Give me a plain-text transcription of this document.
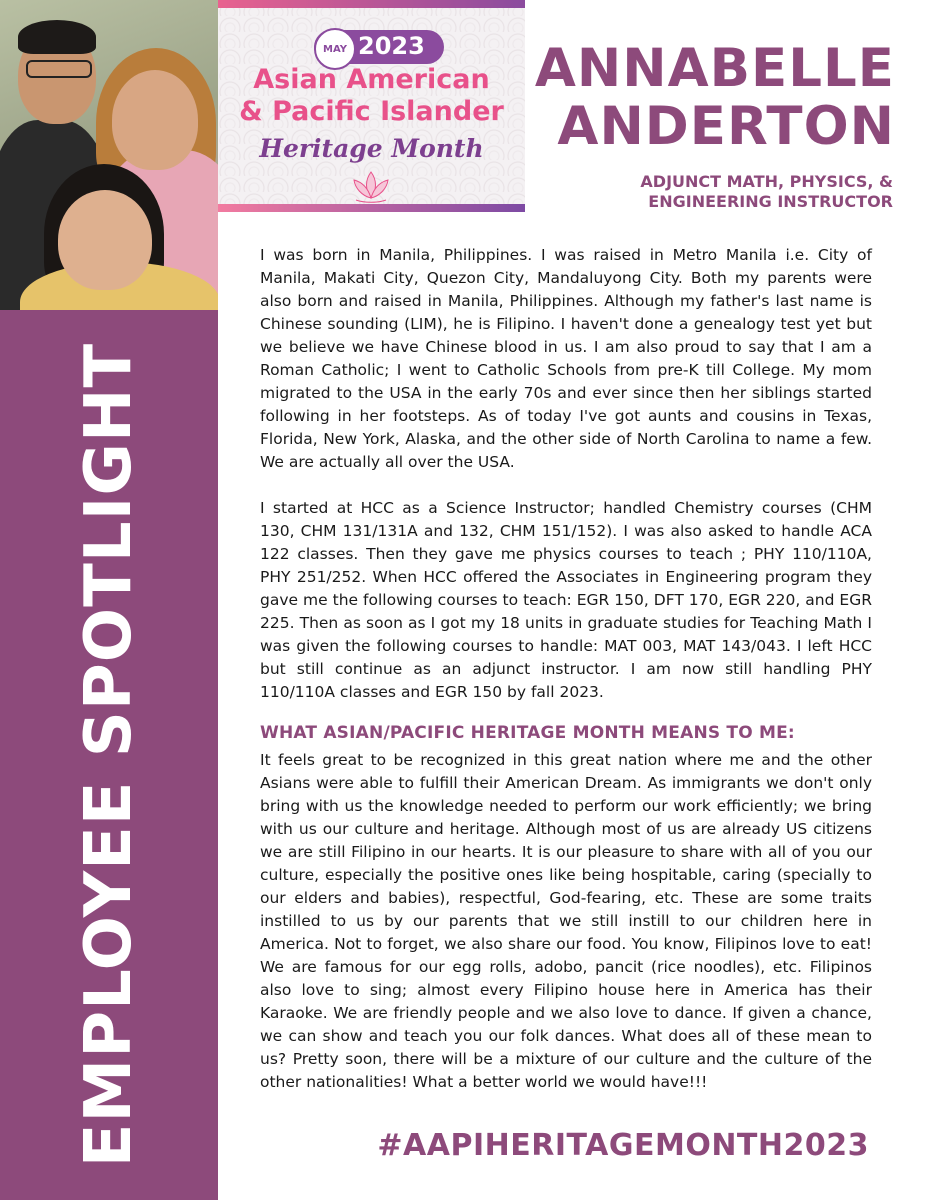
EMPLOYEE SPOTLIGHT
MAY 2023
Asian American
& Pacific Islander
Heritage Month
ANNABELLE
ANDERTON
ADJUNCT MATH, PHYSICS, &
ENGINEERING INSTRUCTOR

I was born in Manila, Philippines. I was raised in Metro Manila i.e. City of Manila, Makati City, Quezon City, Mandaluyong City. Both my parents were also born and raised in Manila, Philippines. Although my father's last name is Chinese sounding (LIM), he is Filipino. I haven't done a genealogy test yet but we believe we have Chinese blood in us. I am also proud to say that I am a Roman Catholic; I went to Catholic Schools from pre-K till College. My mom migrated to the USA in the early 70s and ever since then her siblings started following in her footsteps. As of today I've got aunts and cousins in Texas, Florida, New York, Alaska, and the other side of North Carolina to name a few. We are actually all over the USA.

I started at HCC as a Science Instructor; handled Chemistry courses (CHM 130, CHM 131/131A and 132, CHM 151/152). I was also asked to handle ACA 122 classes. Then they gave me physics courses to teach ; PHY 110/110A, PHY 251/252. When HCC offered the Associates in Engineering program they gave me the following courses to teach: EGR 150, DFT 170, EGR 220, and EGR 225. Then as soon as I got my 18 units in graduate studies for Teaching Math I was given the following courses to handle: MAT 003, MAT 143/043. I left HCC but still continue as an adjunct instructor. I am now still handling PHY 110/110A classes and EGR 150 by fall 2023.

WHAT ASIAN/PACIFIC HERITAGE MONTH MEANS TO ME:

It feels great to be recognized in this great nation where me and the other Asians were able to fulfill their American Dream. As immigrants we don't only bring with us the knowledge needed to perform our work efficiently; we bring with us our culture and heritage. Although most of us are already US citizens we are still Filipino in our hearts. It is our pleasure to share with all of you our culture, especially the positive ones like being hospitable, caring (specially to our elders and babies), respectful, God-fearing, etc. These are some traits instilled to us by our parents that we still instill to our children here in America. Not to forget, we also share our food. You know, Filipinos love to eat! We are famous for our egg rolls, adobo, pancit (rice noodles), etc. Filipinos also love to sing; almost every Filipino house here in America has their Karaoke. We are friendly people and we also love to dance. If given a chance, we can show and teach you our folk dances. What does all of these mean to us? Pretty soon, there will be a mixture of our culture and the culture of the other nationalities! What a better world we would have!!!

#AAPIHERITAGEMONTH2023
